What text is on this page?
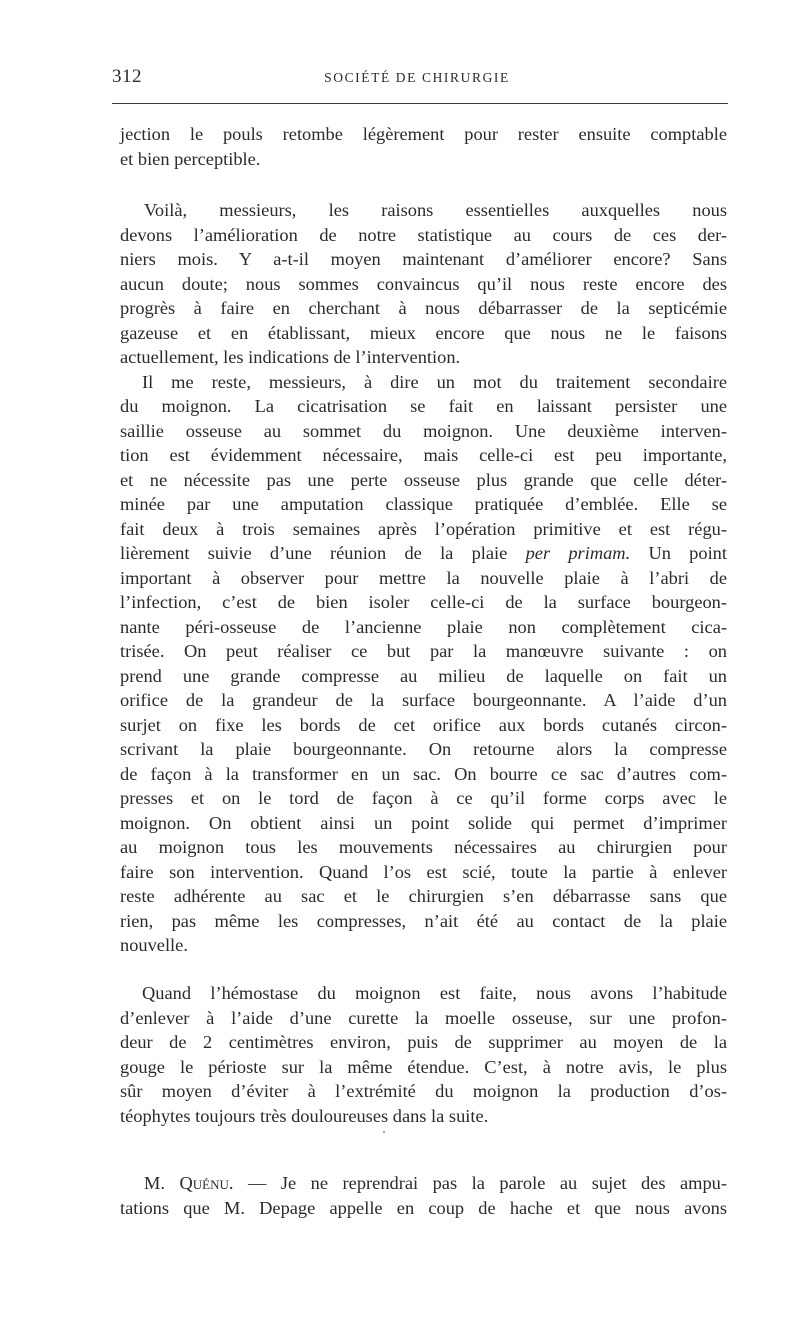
312	SOCIÉTÉ DE CHIRURGIE
jection le pouls retombe légèrement pour rester ensuite comptable
et bien perceptible.
Voilà, messieurs, les raisons essentielles auxquelles nous
devons l’amélioration de notre statistique au cours de ces der-
niers mois. Y a-t-il moyen maintenant d’améliorer encore? Sans
aucun doute; nous sommes convaincus qu’il nous reste encore des
progrès à faire en cherchant à nous débarrasser de la septicémie
gazeuse et en établissant, mieux encore que nous ne le faisons
actuellement, les indications de l’intervention.
Il me reste, messieurs, à dire un mot du traitement secondaire
du moignon. La cicatrisation se fait en laissant persister une
saillie osseuse au sommet du moignon. Une deuxième interven-
tion est évidemment nécessaire, mais celle-ci est peu importante,
et ne nécessite pas une perte osseuse plus grande que celle déter-
minée par une amputation classique pratiquée d’emblée. Elle se
fait deux à trois semaines après l’opération primitive et est régu-
lièrement suivie d’une réunion de la plaie per primam. Un point
important à observer pour mettre la nouvelle plaie à l’abri de
l’infection, c’est de bien isoler celle-ci de la surface bourgeon-
nante péri-osseuse de l’ancienne plaie non complètement cica-
trisée. On peut réaliser ce but par la manœuvre suivante : on
prend une grande compresse au milieu de laquelle on fait un
orifice de la grandeur de la surface bourgeonnante. A l’aide d’un
surjet on fixe les bords de cet orifice aux bords cutanés circon-
scrivant la plaie bourgeonnante. On retourne alors la compresse
de façon à la transformer en un sac. On bourre ce sac d’autres com-
presses et on le tord de façon à ce qu’il forme corps avec le
moignon. On obtient ainsi un point solide qui permet d’imprimer
au moignon tous les mouvements nécessaires au chirurgien pour
faire son intervention. Quand l’os est scié, toute la partie à enlever
reste adhérente au sac et le chirurgien s’en débarrasse sans que
rien, pas même les compresses, n’ait été au contact de la plaie
nouvelle.
Quand l’hémostase du moignon est faite, nous avons l’habitude
d’enlever à l’aide d’une curette la moelle osseuse, sur une profon-
deur de 2 centimètres environ, puis de supprimer au moyen de la
gouge le périoste sur la même étendue. C’est, à notre avis, le plus
sûr moyen d’éviter à l’extrémité du moignon la production d’os-
téophytes toujours très douloureuses dans la suite.
M. Quénu. — Je ne reprendrai pas la parole au sujet des ampu-
tations que M. Depage appelle en coup de hache et que nous avons
